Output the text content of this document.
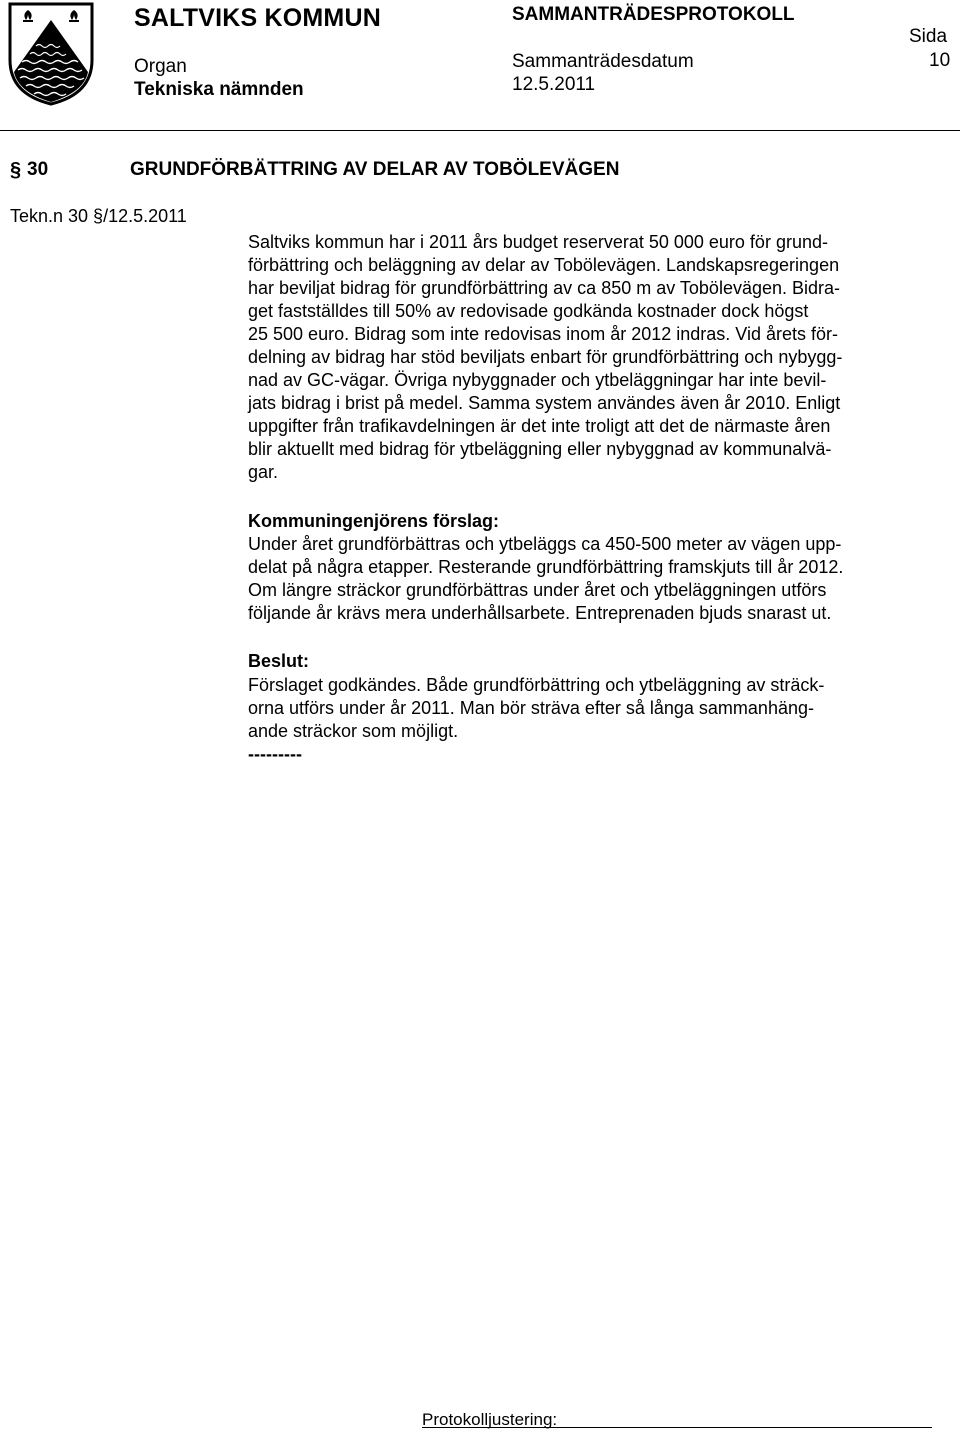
SALTVIKS KOMMUN
Organ
Tekniska nämnden
SAMMANTRÄDESPROTOKOLL
Sammanträdesdatum
12.5.2011
Sida
10
§ 30	GRUNDFÖRBÄTTRING AV DELAR AV TOBÖLEVÄGEN
Tekn.n 30 §/12.5.2011
Saltviks kommun har i 2011 års budget reserverat 50 000 euro för grund-
förbättring och beläggning av delar av Tobölevägen. Landskapsregeringen
har beviljat bidrag för grundförbättring av ca 850 m av Tobölevägen. Bidra-
get fastställdes till 50% av redovisade godkända kostnader dock högst
25 500 euro. Bidrag som inte redovisas inom år 2012 indras. Vid årets för-
delning av bidrag har stöd beviljats enbart för grundförbättring och nybygg-
nad av GC-vägar. Övriga nybyggnader och ytbeläggningar har inte bevil-
jats bidrag i brist på medel. Samma system användes även år 2010. Enligt
uppgifter från trafikavdelningen är det inte troligt att det de närmaste åren
blir aktuellt med bidrag för ytbeläggning eller nybyggnad av kommunalvä-
gar.
Kommuningenjörens förslag:
Under året grundförbättras och ytbeläggs ca 450-500 meter av vägen upp-
delat på några etapper. Resterande grundförbättring framskjuts till år 2012.
Om längre sträckor grundförbättras under året och ytbeläggningen utförs
följande år krävs mera underhållsarbete. Entreprenaden bjuds snarast ut.
Beslut:
Förslaget godkändes. Både grundförbättring och ytbeläggning av sträck-
orna utförs under år 2011. Man bör sträva efter så långa sammanhäng-
ande sträckor som möjligt.
---------
Protokolljustering:
